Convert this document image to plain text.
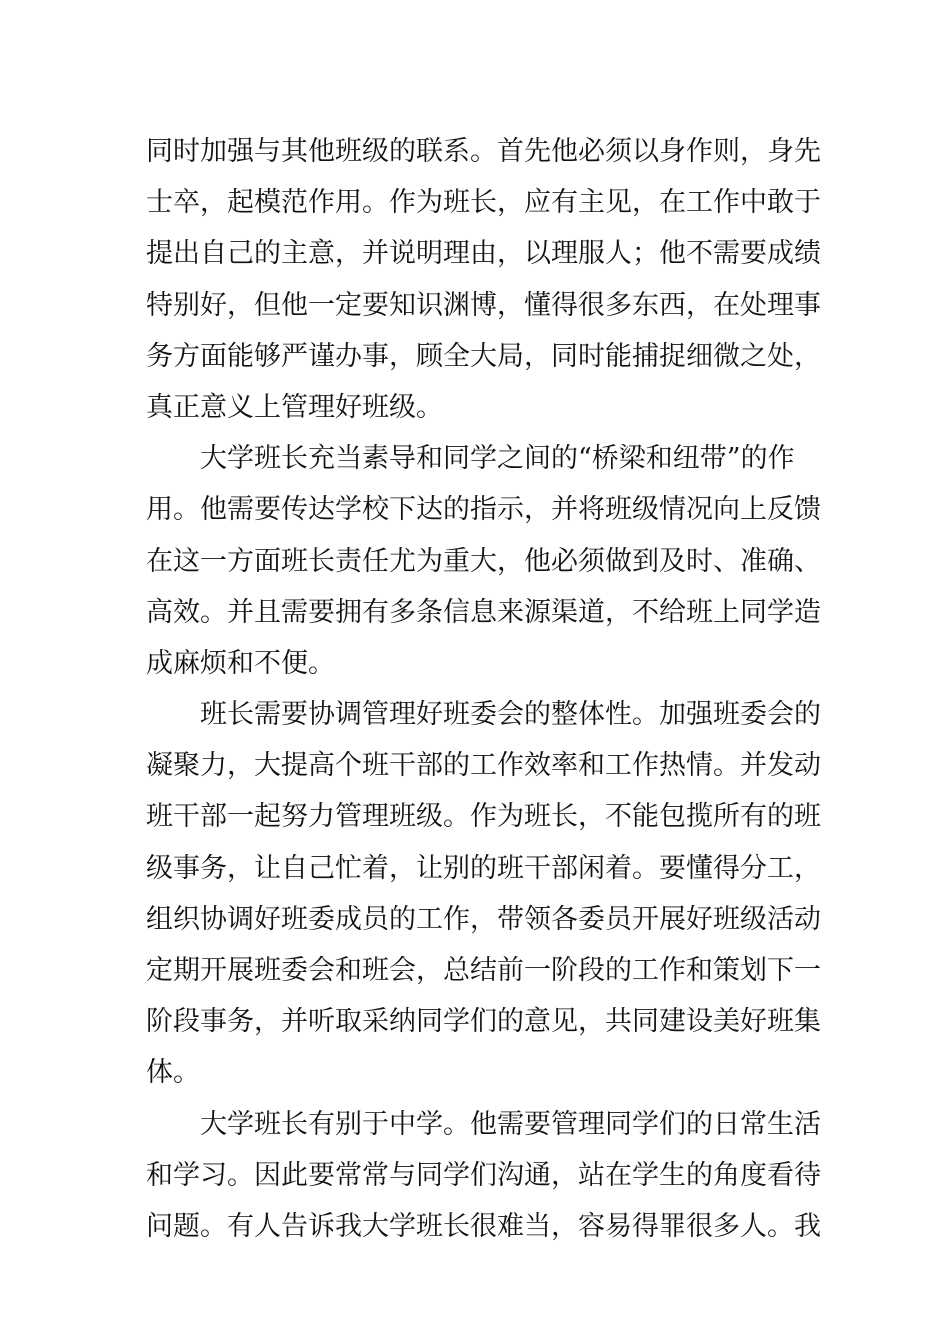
同时加强与其他班级的联系。首先他必须以身作则，身先
士卒，起模范作用。作为班长，应有主见，在工作中敢于
提出自己的主意，并说明理由，以理服人；他不需要成绩
特别好，但他一定要知识渊博，懂得很多东西，在处理事
务方面能够严谨办事，顾全大局，同时能捕捉细微之处，
真正意义上管理好班级。
大学班长充当素导和同学之间的“桥梁和纽带”的作
用。他需要传达学校下达的指示，并将班级情况向上反馈
在这一方面班长责任尤为重大，他必须做到及时、准确、
高效。并且需要拥有多条信息来源渠道，不给班上同学造
成麻烦和不便。
班长需要协调管理好班委会的整体性。加强班委会的
凝聚力，大提高个班干部的工作效率和工作热情。并发动
班干部一起努力管理班级。作为班长，不能包揽所有的班
级事务，让自己忙着，让别的班干部闲着。要懂得分工，
组织协调好班委成员的工作，带领各委员开展好班级活动
定期开展班委会和班会，总结前一阶段的工作和策划下一
阶段事务，并听取采纳同学们的意见，共同建设美好班集
体。
大学班长有别于中学。他需要管理同学们的日常生活
和学习。因此要常常与同学们沟通，站在学生的角度看待
问题。有人告诉我大学班长很难当，容易得罪很多人。我
